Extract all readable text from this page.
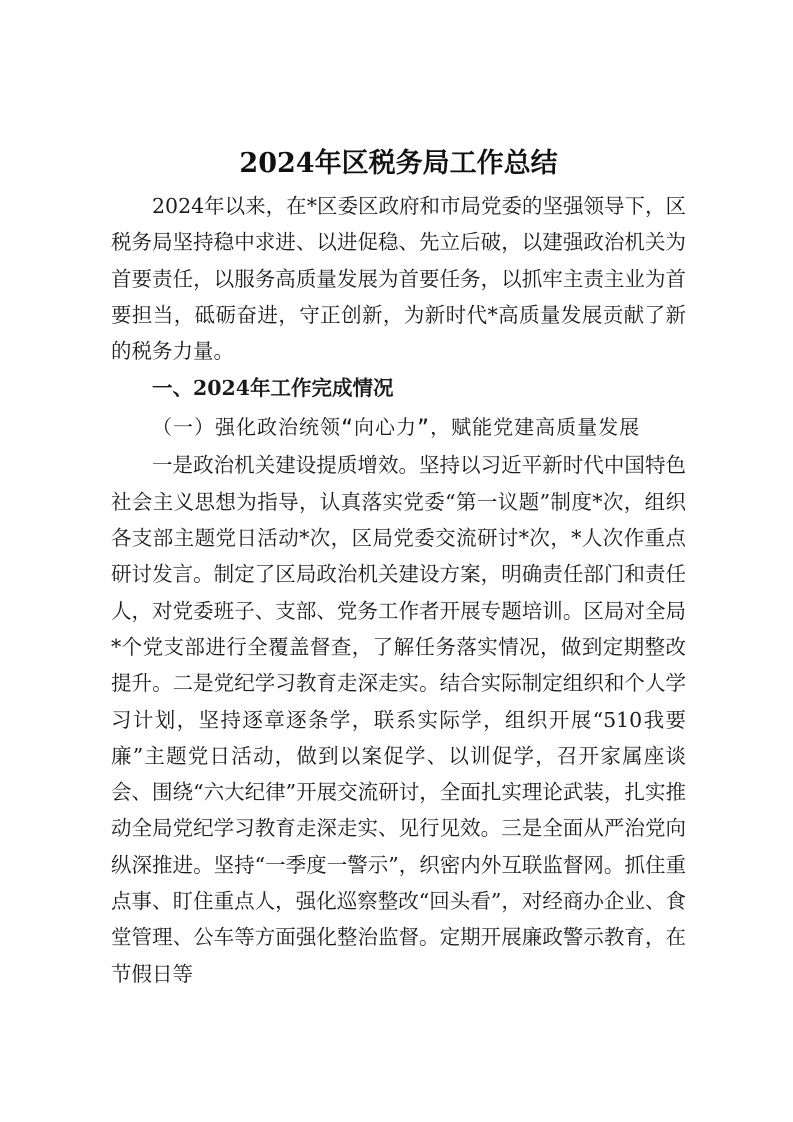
2024年区税务局工作总结

2024年以来，在*区委区政府和市局党委的坚强领导下，区税务局坚持稳中求进、以进促稳、先立后破，以建强政治机关为首要责任，以服务高质量发展为首要任务，以抓牢主责主业为首要担当，砥砺奋进，守正创新，为新时代*高质量发展贡献了新的税务力量。

一、2024年工作完成情况

（一）强化政治统领“向心力”，赋能党建高质量发展

一是政治机关建设提质增效。坚持以习近平新时代中国特色社会主义思想为指导，认真落实党委“第一议题”制度*次，组织各支部主题党日活动*次，区局党委交流研讨*次，*人次作重点研讨发言。制定了区局政治机关建设方案，明确责任部门和责任人，对党委班子、支部、党务工作者开展专题培训。区局对全局*个党支部进行全覆盖督查，了解任务落实情况，做到定期整改提升。二是党纪学习教育走深走实。结合实际制定组织和个人学习计划，坚持逐章逐条学，联系实际学，组织开展“510我要廉”主题党日活动，做到以案促学、以训促学，召开家属座谈会、围绕“六大纪律”开展交流研讨，全面扎实理论武装，扎实推动全局党纪学习教育走深走实、见行见效。三是全面从严治党向纵深推进。坚持“一季度一警示”，织密内外互联监督网。抓住重点事、盯住重点人，强化巡察整改“回头看”，对经商办企业、食堂管理、公车等方面强化整治监督。定期开展廉政警示教育，在节假日等
